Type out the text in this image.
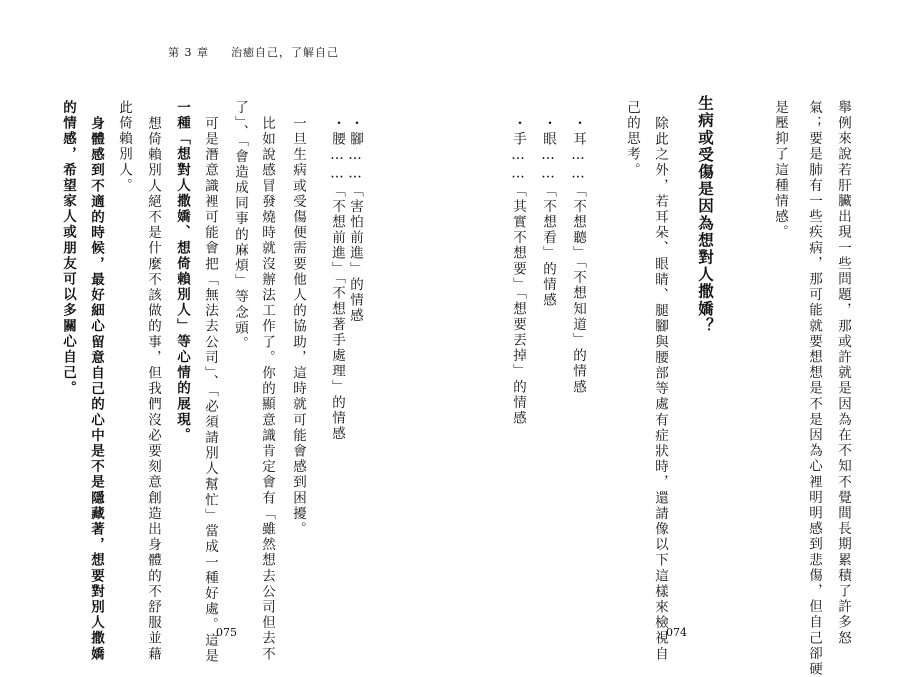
第 3 章 治癒自己，了解自己
・腳……「害怕前進」的情感
・腰……「不想前進」「不想著手處理」的情感
一旦生病或受傷便需要他人的協助，這時就可能會感到困擾。
比如說感冒發燒時就沒辦法工作了。你的顯意識肯定會有「雖然想去公司但去不
了」、「會造成同事的麻煩」等念頭。
可是潛意識裡可能會把「無法去公司」、「必須請別人幫忙」當成一種好處。這是
一種「想對人撒嬌、想倚賴別人」等心情的展現。
想倚賴別人絕不是什麼不該做的事，但我們沒必要刻意創造出身體的不舒服並藉
此倚賴別人。
身體感到不適的時候，最好細心留意自己的心中是不是隱藏著，想要對別人撒嬌
的情感，希望家人或朋友可以多關心自己。
075	舉例來說若肝臟出現一些問題，那或許就是因為在不知不覺間長期累積了許多怒
氣；要是肺有一些疾病，那可能就要想想是不是因為心裡明明感到悲傷，但自己卻硬
是壓抑了這種情感。
生病或受傷是因為想對人撒嬌？
除此之外，若耳朵、眼睛、腿腳與腰部等處有症狀時，還請像以下這樣來檢視自
己的思考。
・耳……「不想聽」「不想知道」的情感
・眼……「不想看」的情感
・手……「其實不想要」「想要丟掉」的情感
074
